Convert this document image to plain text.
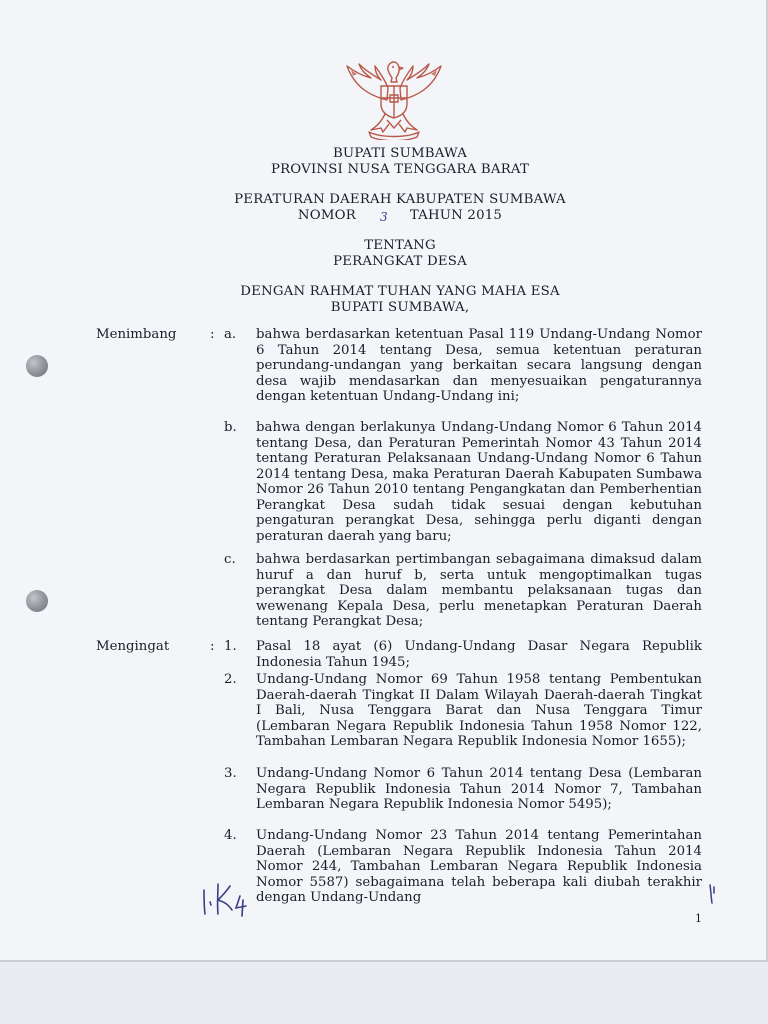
BUPATI SUMBAWA
PROVINSI NUSA TENGGARA BARAT
PERATURAN DAERAH KABUPATEN SUMBAWA
NOMOR 3 TAHUN 2015
TENTANG
PERANGKAT DESA
DENGAN RAHMAT TUHAN YANG MAHA ESA
BUPATI SUMBAWA,
Menimbang	: a. bahwa berdasarkan ketentuan Pasal 119 Undang-Undang Nomor 6 Tahun 2014 tentang Desa, semua ketentuan peraturan perundang-undangan yang berkaitan secara langsung dengan desa wajib mendasarkan dan menyesuaikan pengaturannya dengan ketentuan Undang-Undang ini;

b. bahwa dengan berlakunya Undang-Undang Nomor 6 Tahun 2014 tentang Desa, dan Peraturan Pemerintah Nomor 43 Tahun 2014 tentang Peraturan Pelaksanaan Undang-Undang Nomor 6 Tahun 2014 tentang Desa, maka Peraturan Daerah Kabupaten Sumbawa Nomor 26 Tahun 2010 tentang Pengangkatan dan Pemberhentian Perangkat Desa sudah tidak sesuai dengan kebutuhan pengaturan perangkat Desa, sehingga perlu diganti dengan peraturan daerah yang baru;

c. bahwa berdasarkan pertimbangan sebagaimana dimaksud dalam huruf a dan huruf b, serta untuk mengoptimalkan tugas perangkat Desa dalam membantu pelaksanaan tugas dan wewenang Kepala Desa, perlu menetapkan Peraturan Daerah tentang Perangkat Desa;

Mengingat	: 1. Pasal 18 ayat (6) Undang-Undang Dasar Negara Republik Indonesia Tahun 1945;

2. Undang-Undang Nomor 69 Tahun 1958 tentang Pembentukan Daerah-daerah Tingkat II Dalam Wilayah Daerah-daerah Tingkat I Bali, Nusa Tenggara Barat dan Nusa Tenggara Timur (Lembaran Negara Republik Indonesia Tahun 1958 Nomor 122, Tambahan Lembaran Negara Republik Indonesia Nomor 1655);

3. Undang-Undang Nomor 6 Tahun 2014 tentang Desa (Lembaran Negara Republik Indonesia Tahun 2014 Nomor 7, Tambahan Lembaran Negara Republik Indonesia Nomor 5495);

4. Undang-Undang Nomor 23 Tahun 2014 tentang Pemerintahan Daerah (Lembaran Negara Republik Indonesia Tahun 2014 Nomor 244, Tambahan Lembaran Negara Republik Indonesia Nomor 5587) sebagaimana telah beberapa kali diubah terakhir dengan Undang-Undang

1
